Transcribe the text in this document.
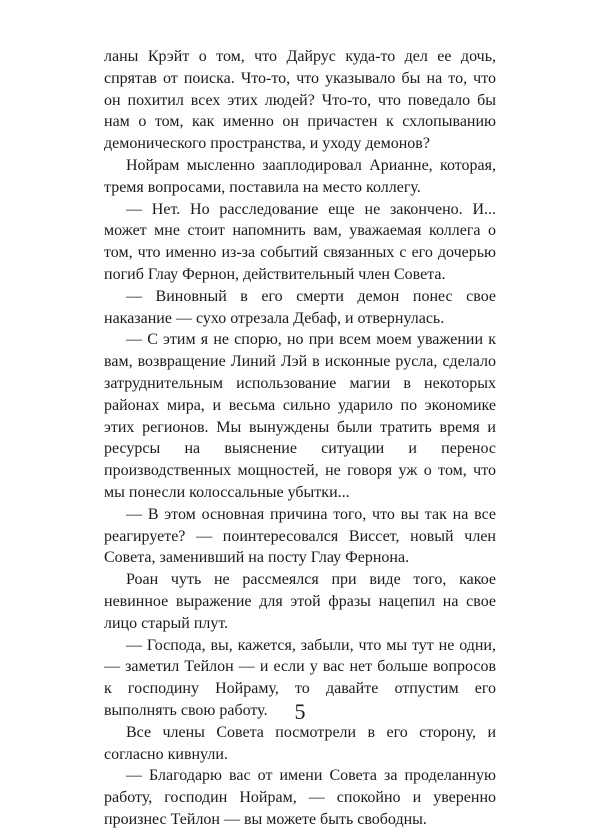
ланы Крэйт о том, что Дайрус куда-то дел ее дочь, спрятав от поиска. Что-то, что указывало бы на то, что он похитил всех этих людей? Что-то, что поведало бы нам о том, как именно он причастен к схлопыванию демонического пространства, и уходу демонов?

Нойрам мысленно зааплодировал Арианне, которая, тремя вопросами, поставила на место коллегу.

— Нет. Но расследование еще не закончено. И... может мне стоит напомнить вам, уважаемая коллега о том, что именно из-за событий связанных с его дочерью погиб Глау Фернон, действительный член Совета.

— Виновный в его смерти демон понес свое наказание — сухо отрезала Дебаф, и отвернулась.

— С этим я не спорю, но при всем моем уважении к вам, возвращение Линий Лэй в исконные русла, сделало затруднительным использование магии в некоторых районах мира, и весьма сильно ударило по экономике этих регионов. Мы вынуждены были тратить время и ресурсы на выяснение ситуации и перенос производственных мощностей, не говоря уж о том, что мы понесли колоссальные убытки...

— В этом основная причина того, что вы так на все реагируете? — поинтересовался Виссет, новый член Совета, заменивший на посту Глау Фернона.

Роан чуть не рассмеялся при виде того, какое невинное выражение для этой фразы нацепил на свое лицо старый плут.

— Господа, вы, кажется, забыли, что мы тут не одни, — заметил Тейлон — и если у вас нет больше вопросов к господину Нойраму, то давайте отпустим его выполнять свою работу.

Все члены Совета посмотрели в его сторону, и согласно кивнули.

— Благодарю вас от имени Совета за проделанную работу, господин Нойрам, — спокойно и уверенно произнес Тейлон — вы можете быть свободны.

5
